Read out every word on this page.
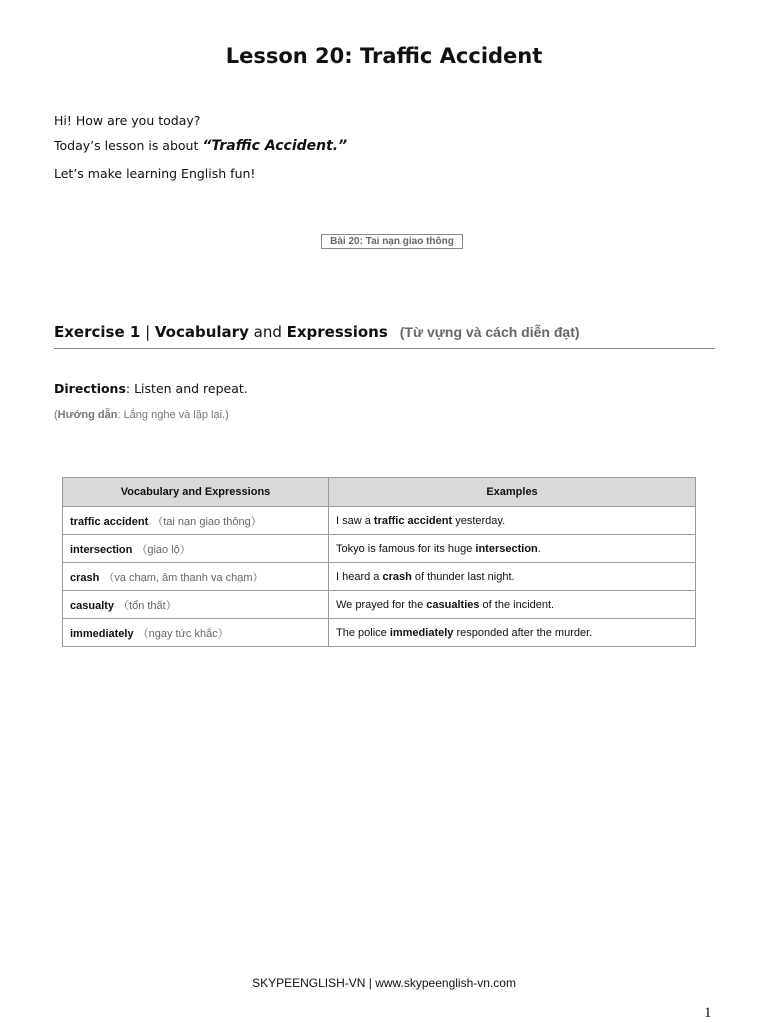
Lesson 20: Traffic Accident
Hi! How are you today?
Today’s lesson is about “Traffic Accident.”
Let’s make learning English fun!
Bài 20: Tai nạn giao thông
Exercise 1 | Vocabulary and Expressions (Từ vựng và cách diễn đạt)
Directions: Listen and repeat.
(Hướng dẫn: Lắng nghe và lặp lại.)
Vocabulary and Expressions	Examples
traffic accident （tai nạn giao thông）	I saw a traffic accident yesterday.
intersection （giao lộ）	Tokyo is famous for its huge intersection.
crash （va chạm, âm thanh va chạm）	I heard a crash of thunder last night.
casualty （tổn thất）	We prayed for the casualties of the incident.
immediately （ngay tức khắc）	The police immediately responded after the murder.
SKYPEENGLISH-VN | www.skypeenglish-vn.com
1
